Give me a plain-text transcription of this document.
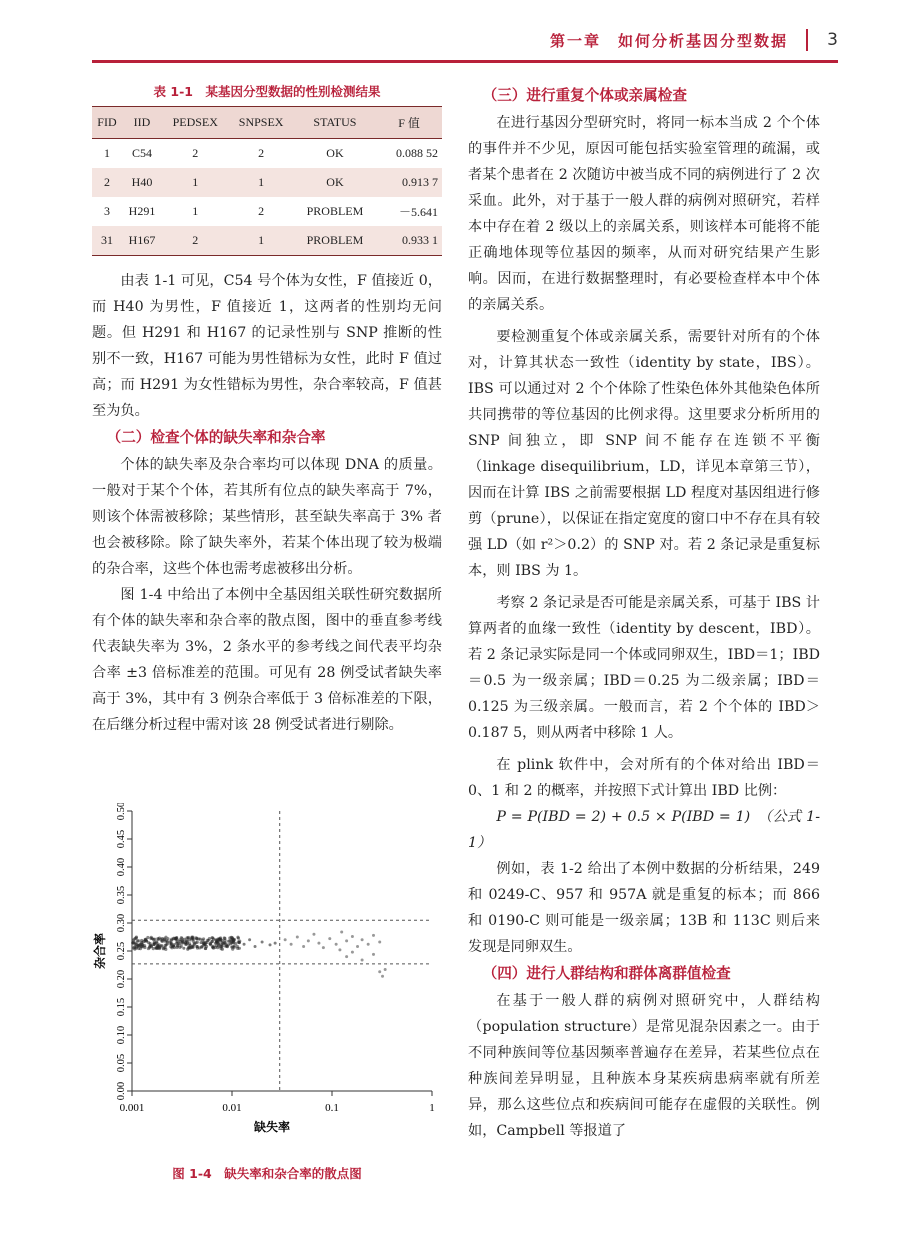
第一章　如何分析基因分型数据 3
表 1-1　某基因分型数据的性别检测结果
FID	IID	PEDSEX	SNPSEX	STATUS	F 值
1	C54	2	2	OK	0.088 52
2	H40	1	1	OK	0.913 7
3	H291	1	2	PROBLEM	－5.641
31	H167	2	1	PROBLEM	0.933 1

由表 1-1 可见，C54 号个体为女性，F 值接近 0，而 H40 为男性，F 值接近 1，这两者的性别均无问题。但 H291 和 H167 的记录性别与 SNP 推断的性别不一致，H167 可能为男性错标为女性，此时 F 值过高；而 H291 为女性错标为男性，杂合率较高，F 值甚至为负。

（二）检查个体的缺失率和杂合率

个体的缺失率及杂合率均可以体现 DNA 的质量。一般对于某个个体，若其所有位点的缺失率高于 7%，则该个体需被移除；某些情形，甚至缺失率高于 3% 者也会被移除。除了缺失率外，若某个体出现了较为极端的杂合率，这些个体也需考虑被移出分析。

图 1-4 中给出了本例中全基因组关联性研究数据所有个体的缺失率和杂合率的散点图，图中的垂直参考线代表缺失率为 3%，2 条水平的参考线之间代表平均杂合率 ±3 倍标准差的范围。可见有 28 例受试者缺失率高于 3%，其中有 3 例杂合率低于 3 倍标准差的下限，在后继分析过程中需对该 28 例受试者进行剔除。

0.001	0.01	0.1	1
0.00
0.05
0.10
0.15
0.20
0.25
0.30
0.35
0.40
0.45
0.50
缺失率
杂合率
图 1-4　缺失率和杂合率的散点图
（三）进行重复个体或亲属检查

在进行基因分型研究时，将同一标本当成 2 个个体的事件并不少见，原因可能包括实验室管理的疏漏，或者某个患者在 2 次随访中被当成不同的病例进行了 2 次采血。此外，对于基于一般人群的病例对照研究，若样本中存在着 2 级以上的亲属关系，则该样本可能将不能正确地体现等位基因的频率，从而对研究结果产生影响。因而，在进行数据整理时，有必要检查样本中个体的亲属关系。

要检测重复个体或亲属关系，需要针对所有的个体对，计算其状态一致性（identity by state，IBS）。IBS 可以通过对 2 个个体除了性染色体外其他染色体所共同携带的等位基因的比例求得。这里要求分析所用的 SNP 间独立，即 SNP 间不能存在连锁不平衡（linkage disequilibrium，LD，详见本章第三节），因而在计算 IBS 之前需要根据 LD 程度对基因组进行修剪（prune），以保证在指定宽度的窗口中不存在具有较强 LD（如 r²＞0.2）的 SNP 对。若 2 条记录是重复标本，则 IBS 为 1。

考察 2 条记录是否可能是亲属关系，可基于 IBS 计算两者的血缘一致性（identity by descent，IBD）。若 2 条记录实际是同一个体或同卵双生，IBD＝1；IBD＝0.5 为一级亲属；IBD＝0.25 为二级亲属；IBD＝0.125 为三级亲属。一般而言，若 2 个个体的 IBD＞0.187 5，则从两者中移除 1 人。

在 plink 软件中，会对所有的个体对给出 IBD＝0、1 和 2 的概率，并按照下式计算出 IBD 比例：

P = P(IBD = 2) + 0.5 × P(IBD = 1)　（公式 1-1）

例如，表 1-2 给出了本例中数据的分析结果，249 和 0249-C、957 和 957A 就是重复的标本；而 866 和 0190-C 则可能是一级亲属；13B 和 113C 则后来发现是同卵双生。

（四）进行人群结构和群体离群值检查

在基于一般人群的病例对照研究中，人群结构（population structure）是常见混杂因素之一。由于不同种族间等位基因频率普遍存在差异，若某些位点在种族间差异明显，且种族本身某疾病患病率就有所差异，那么这些位点和疾病间可能存在虚假的关联性。例如，Campbell 等报道了
